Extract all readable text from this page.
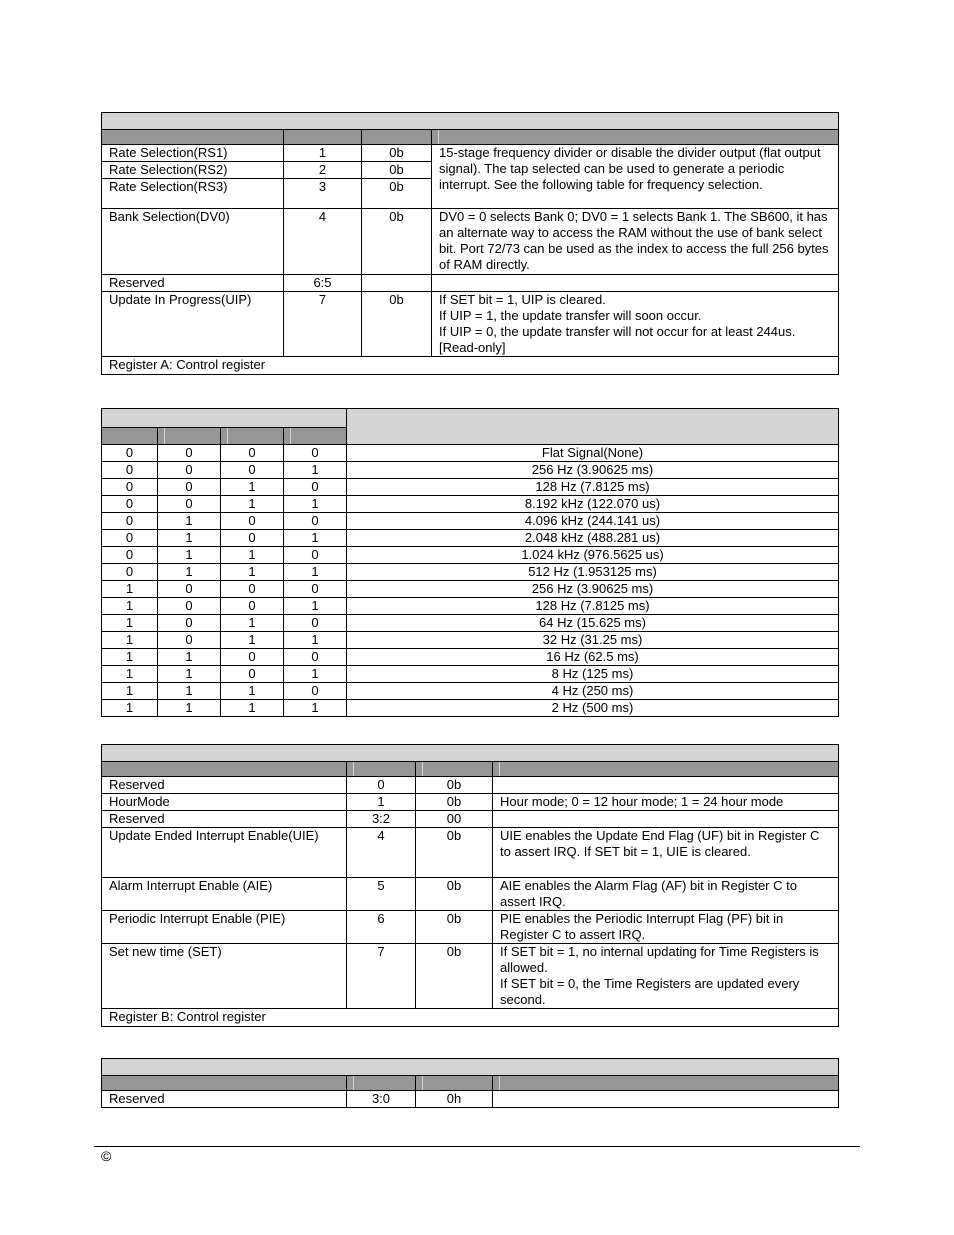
Rate Selection(RS1)	1	0b	15-stage frequency divider or disable the divider output (flat output signal). The tap selected can be used to generate a periodic interrupt. See the following table for frequency selection.
Rate Selection(RS2)	2	0b	
Rate Selection(RS3)	3	0b	
Bank Selection(DV0)	4	0b	DV0 = 0 selects Bank 0; DV0 = 1 selects Bank 1. The SB600, it has an alternate way to access the RAM without the use of bank select bit. Port 72/73 can be used as the index to access the full 256 bytes of RAM directly.
Reserved	6:5		
Update In Progress(UIP)	7	0b	If SET bit = 1, UIP is cleared.
If UIP = 1, the update transfer will soon occur.
If UIP = 0, the update transfer will not occur for at least 244us. [Read-only]
Register A: Control register			

0	0	0	0	Flat Signal(None)
0	0	0	1	256 Hz (3.90625 ms)
0	0	1	0	128 Hz (7.8125 ms)
0	0	1	1	8.192 kHz (122.070 us)
0	1	0	0	4.096 kHz (244.141 us)
0	1	0	1	2.048 kHz (488.281 us)
0	1	1	0	1.024 kHz (976.5625 us)
0	1	1	1	512 Hz (1.953125 ms)
1	0	0	0	256 Hz (3.90625 ms)
1	0	0	1	128 Hz (7.8125 ms)
1	0	1	0	64 Hz (15.625 ms)
1	0	1	1	32 Hz (31.25 ms)
1	1	0	0	16 Hz (62.5 ms)
1	1	0	1	8 Hz (125 ms)
1	1	1	0	4 Hz (250 ms)
1	1	1	1	2 Hz (500 ms)

Reserved	0	0b	
HourMode	1	0b	Hour mode; 0 = 12 hour mode; 1 = 24 hour mode
Reserved	3:2	00	
Update Ended Interrupt Enable(UIE)	4	0b	UIE enables the Update End Flag (UF) bit in Register C to assert IRQ. If SET bit = 1, UIE is cleared.
Alarm Interrupt Enable (AIE)	5	0b	AIE enables the Alarm Flag (AF) bit in Register C to assert IRQ.
Periodic Interrupt Enable (PIE)	6	0b	PIE enables the Periodic Interrupt Flag (PF) bit in Register C to assert IRQ.
Set new time (SET)	7	0b	If SET bit = 1, no internal updating for Time Registers is allowed.
If SET bit = 0, the Time Registers are updated every second.
Register B: Control register			

Reserved	3:0	0h	
©
